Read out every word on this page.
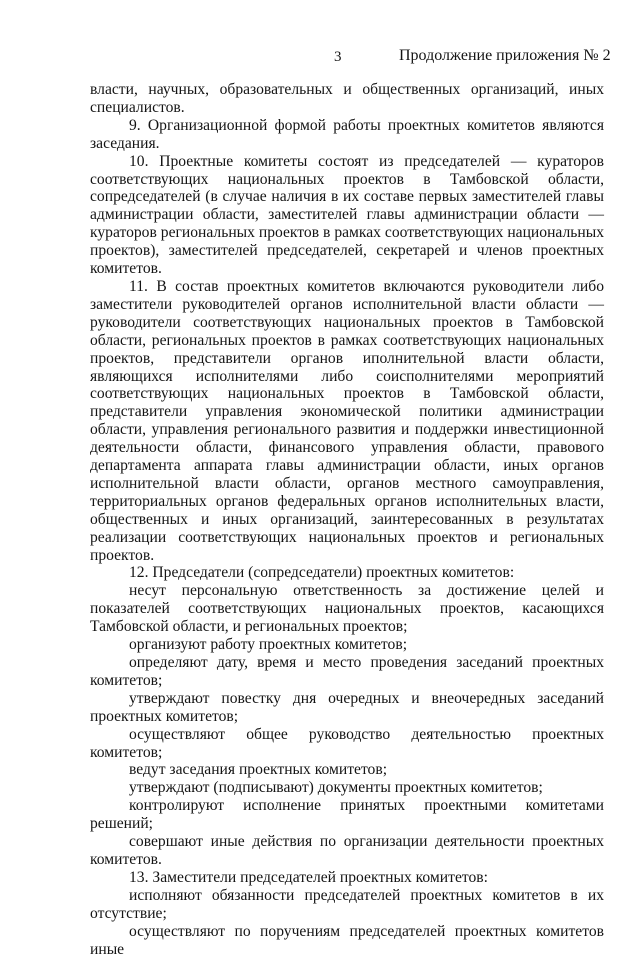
3	Продолжение приложения № 2

власти, научных, образовательных и общественных организаций, иных специалистов.

9. Организационной формой работы проектных комитетов являются заседания.

10. Проектные комитеты состоят из председателей — кураторов соответствующих национальных проектов в Тамбовской области, сопредседателей (в случае наличия в их составе первых заместителей главы администрации области, заместителей главы администрации области — кураторов региональных проектов в рамках соответствующих национальных проектов), заместителей председателей, секретарей и членов проектных комитетов.

11. В состав проектных комитетов включаются руководители либо заместители руководителей органов исполнительной власти области — руководители соответствующих национальных проектов в Тамбовской области, региональных проектов в рамках соответствующих национальных проектов, представители органов иполнительной власти области, являющихся исполнителями либо соисполнителями мероприятий соответствующих национальных проектов в Тамбовской области, представители управления экономической политики администрации области, управления регионального развития и поддержки инвестиционной деятельности области, финансового управления области, правового департамента аппарата главы администрации области, иных органов исполнительной власти области, органов местного самоуправления, территориальных органов федеральных органов исполнительных власти, общественных и иных организаций, заинтересованных в результатах реализации соответствующих национальных проектов и региональных проектов.

12. Председатели (сопредседатели) проектных комитетов:

несут персональную ответственность за достижение целей и показателей соответствующих национальных проектов, касающихся Тамбовской области, и региональных проектов;

организуют работу проектных комитетов;

определяют дату, время и место проведения заседаний проектных комитетов;

утверждают повестку дня очередных и внеочередных заседаний проектных комитетов;

осуществляют общее руководство деятельностью проектных комитетов;

ведут заседания проектных комитетов;

утверждают (подписывают) документы проектных комитетов;

контролируют исполнение принятых проектными комитетами решений;

совершают иные действия по организации деятельности проектных комитетов.

13. Заместители председателей проектных комитетов:

исполняют обязанности председателей проектных комитетов в их отсутствие;

осуществляют по поручениям председателей проектных комитетов иные
